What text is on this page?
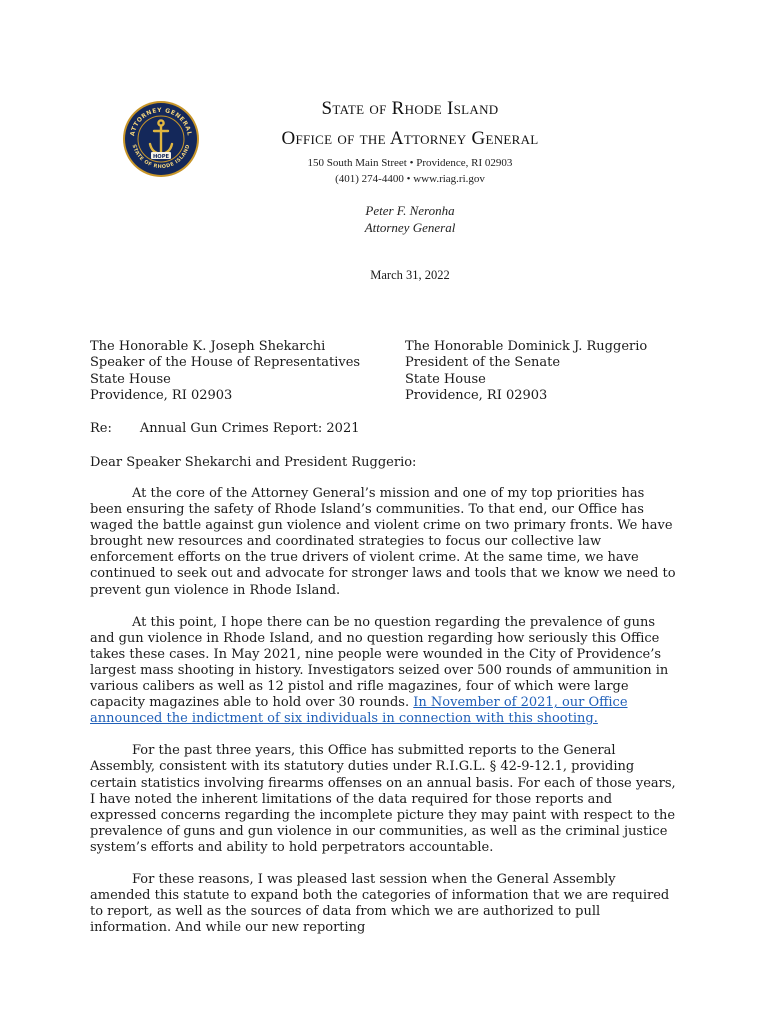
ATTORNEY GENERAL
STATE OF RHODE ISLAND
HOPE
State of Rhode Island
Office of the Attorney General
150 South Main Street • Providence, RI 02903
(401) 274-4400 • www.riag.ri.gov
Peter F. Neronha
Attorney General
March 31, 2022
The Honorable K. Joseph Shekarchi
Speaker of the House of Representatives
State House
Providence, RI 02903
The Honorable Dominick J. Ruggerio
President of the Senate
State House
Providence, RI 02903
Re: Annual Gun Crimes Report: 2021
Dear Speaker Shekarchi and President Ruggerio:

At the core of the Attorney General’s mission and one of my top priorities has been ensuring the safety of Rhode Island’s communities. To that end, our Office has waged the battle against gun violence and violent crime on two primary fronts. We have brought new resources and coordinated strategies to focus our collective law enforcement efforts on the true drivers of violent crime. At the same time, we have continued to seek out and advocate for stronger laws and tools that we know we need to prevent gun violence in Rhode Island.

At this point, I hope there can be no question regarding the prevalence of guns and gun violence in Rhode Island, and no question regarding how seriously this Office takes these cases. In May 2021, nine people were wounded in the City of Providence’s largest mass shooting in history. Investigators seized over 500 rounds of ammunition in various calibers as well as 12 pistol and rifle magazines, four of which were large capacity magazines able to hold over 30 rounds. In November of 2021, our Office announced the indictment of six individuals in connection with this shooting.

For the past three years, this Office has submitted reports to the General Assembly, consistent with its statutory duties under R.I.G.L. § 42-9-12.1, providing certain statistics involving firearms offenses on an annual basis. For each of those years, I have noted the inherent limitations of the data required for those reports and expressed concerns regarding the incomplete picture they may paint with respect to the prevalence of guns and gun violence in our communities, as well as the criminal justice system’s efforts and ability to hold perpetrators accountable.

For these reasons, I was pleased last session when the General Assembly amended this statute to expand both the categories of information that we are required to report, as well as the sources of data from which we are authorized to pull information. And while our new reporting
